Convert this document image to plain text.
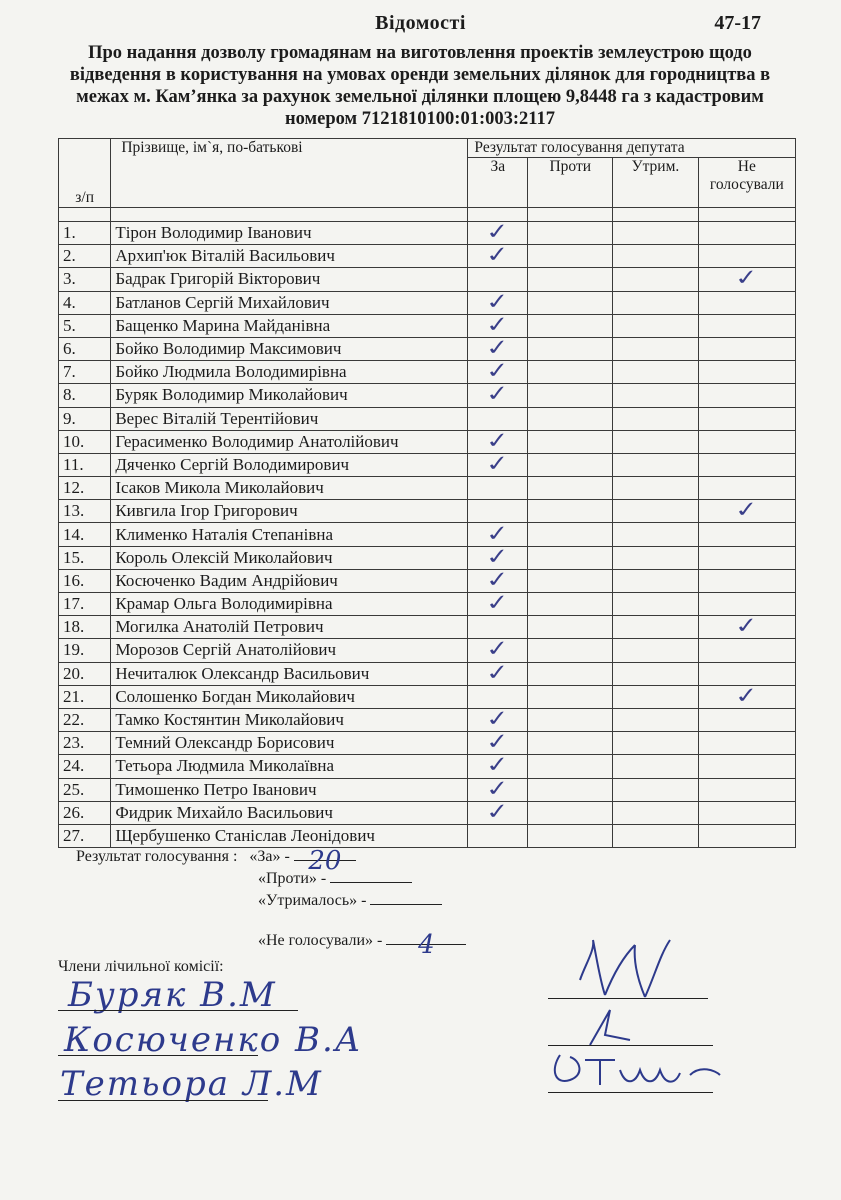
Відомості	47-17
Про надання дозволу громадянам на виготовлення проектів землеустрою щодо відведення в користування на умовах оренди земельних ділянок для городництва в межах м. Кам’янка за рахунок земельної ділянки площею 9,8448 га з кадастровим номером 7121810100:01:003:2117
з/п	Прізвище, ім`я, по-батькові	Результат голосування депутата			
		За	Проти	Утрим.	Не голосували

1.	Тірон Володимир Іванович	✓			
2.	Архип'юк Віталій Васильович	✓			
3.	Бадрак Григорій Вікторович				✓
4.	Батланов Сергій Михайлович	✓			
5.	Бащенко Марина Майданівна	✓			
6.	Бойко Володимир Максимович	✓			
7.	Бойко Людмила Володимирівна	✓			
8.	Буряк Володимир Миколайович	✓			
9.	Верес Віталій Терентійович				
10.	Герасименко Володимир Анатолійович	✓			
11.	Дяченко Сергій Володимирович	✓			
12.	Ісаков Микола Миколайович				
13.	Кивгила Ігор Григорович				✓
14.	Клименко Наталія Степанівна	✓			
15.	Король Олексій Миколайович	✓			
16.	Косюченко Вадим Андрійович	✓			
17.	Крамар Ольга Володимирівна	✓			
18.	Могилка Анатолій Петрович				✓
19.	Морозов Сергій Анатолійович	✓			
20.	Нечиталюк Олександр Васильович	✓			
21.	Солошенко Богдан Миколайович				✓
22.	Тамко Костянтин Миколайович	✓			
23.	Темний Олександр Борисович	✓			
24.	Тетьора Людмила Миколаївна	✓			
25.	Тимошенко Петро Іванович	✓			
26.	Фидрик Михайло Васильович	✓			
27.	Щербушенко Станіслав Леонідович				
Результат голосування : «За» - 20
«Проти» -
«Утрималось» -
«Не голосували» -	4
Члени лічильної комісії:
Буряк В.М
Косюченко В.А
Тетьора Л.М
